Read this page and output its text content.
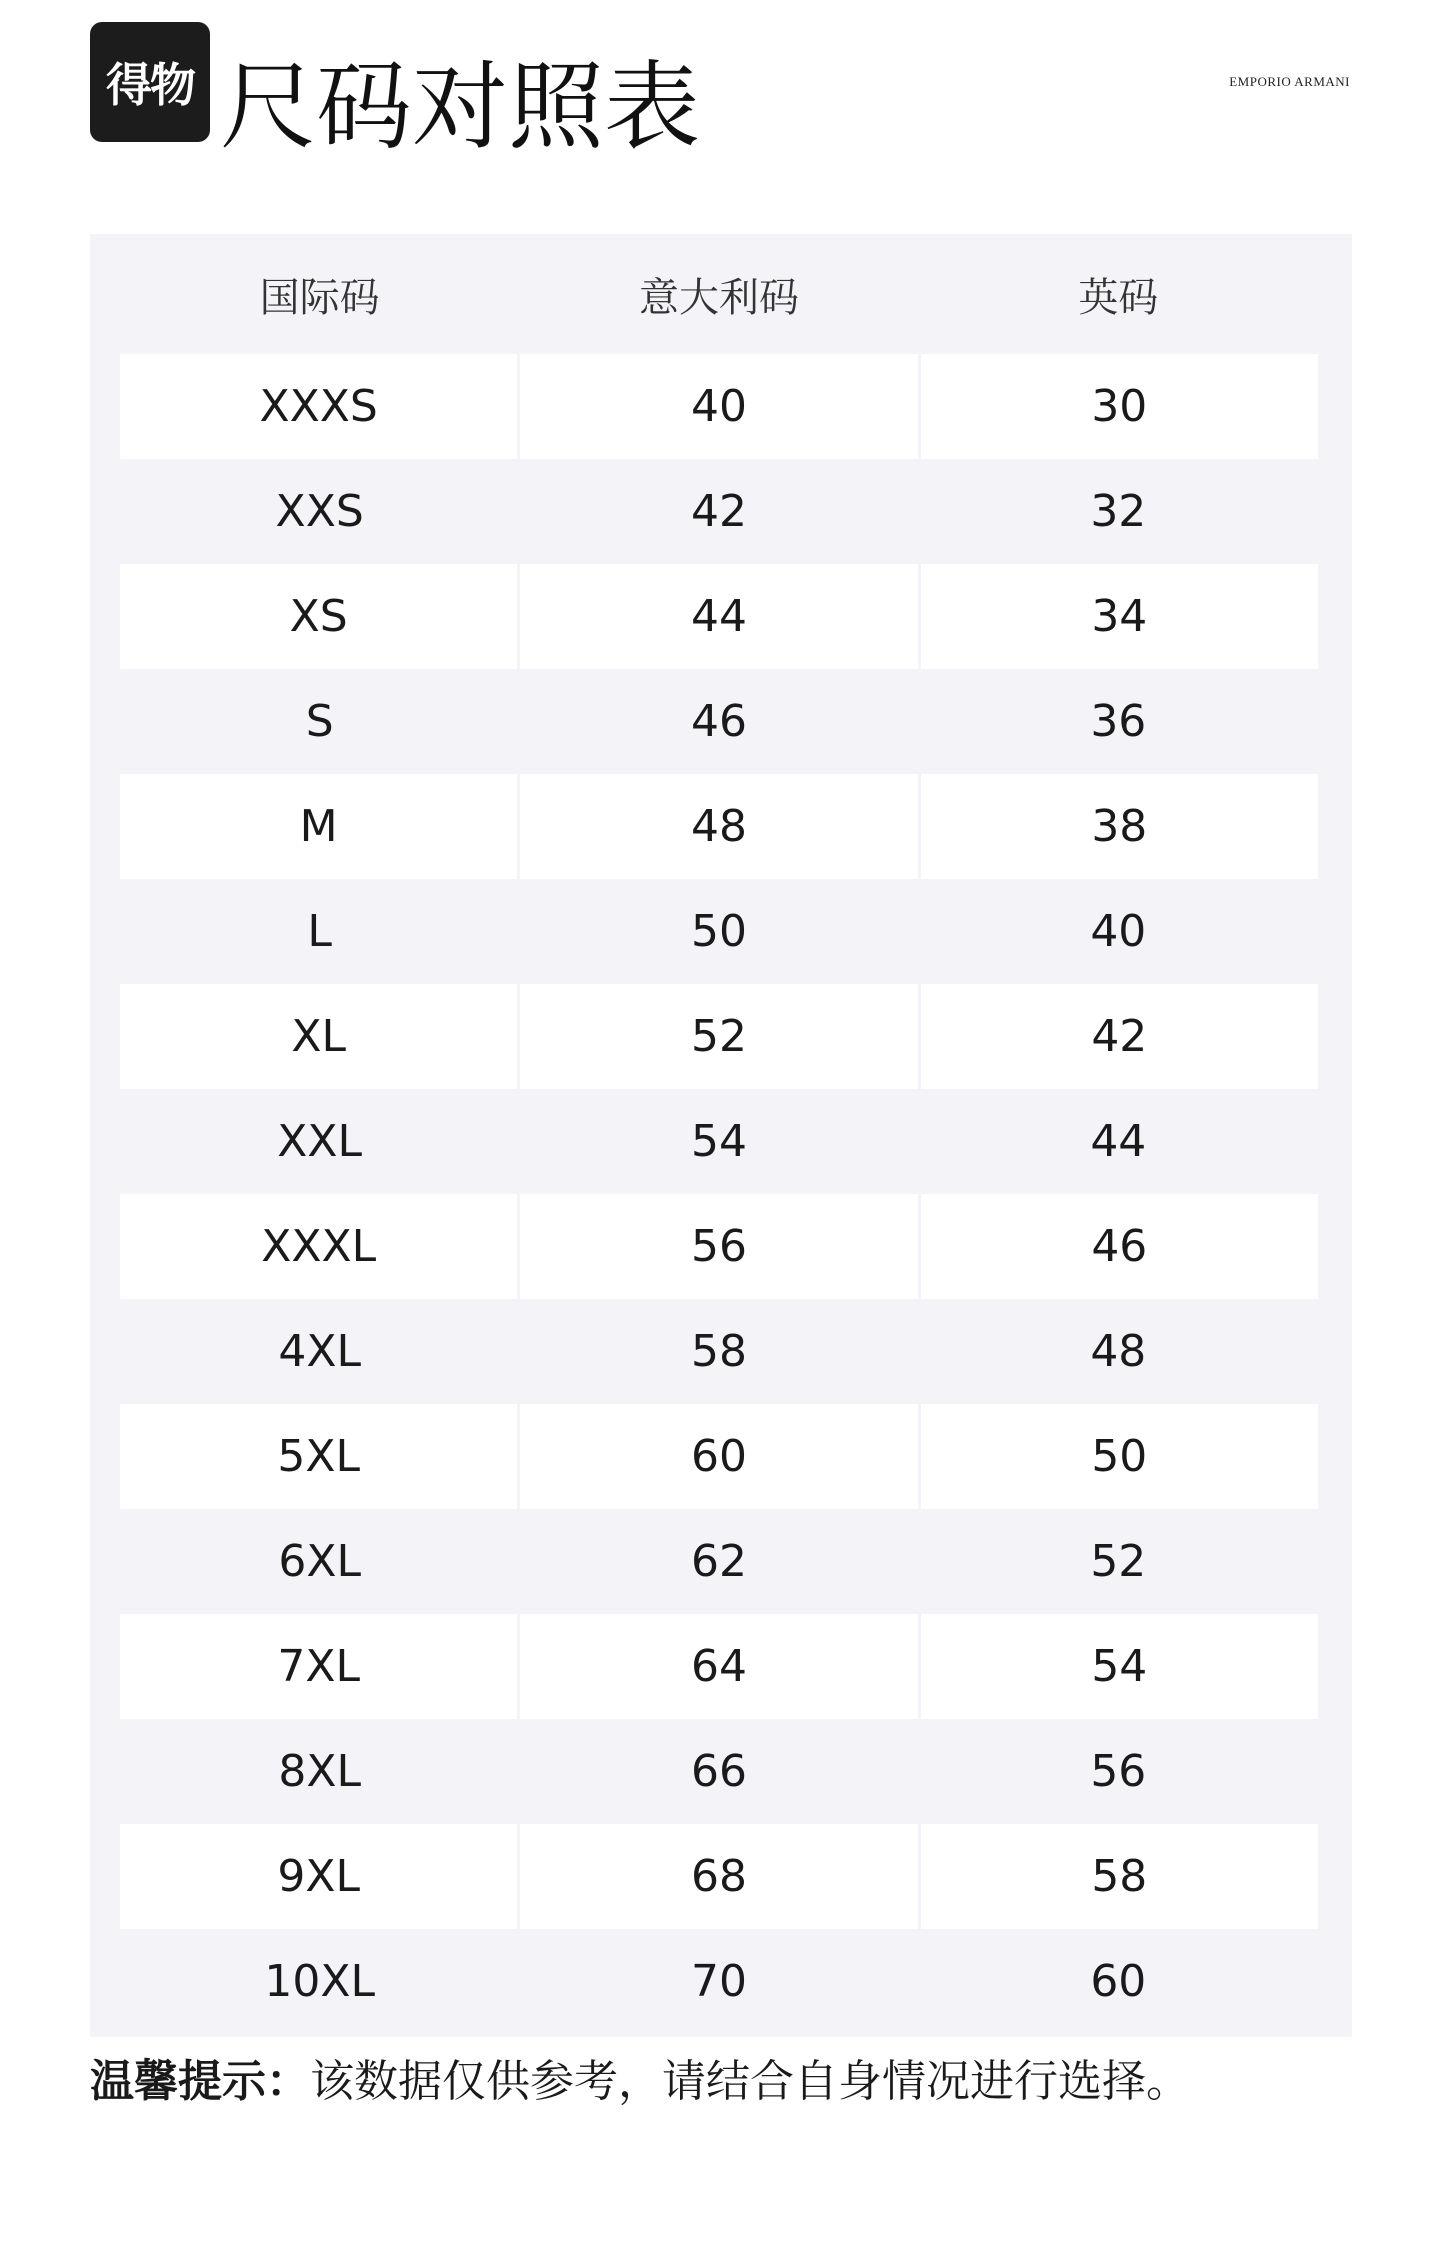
得物 尺码对照表	EMPORIO ARMANI
国际码	意大利码	英码
XXXS	40	30
XXS	42	32
XS	44	34
S	46	36
M	48	38
L	50	40
XL	52	42
XXL	54	44
XXXL	56	46
4XL	58	48
5XL	60	50
6XL	62	52
7XL	64	54
8XL	66	56
9XL	68	58
10XL	70	60
温馨提示：该数据仅供参考，请结合自身情况进行选择。
